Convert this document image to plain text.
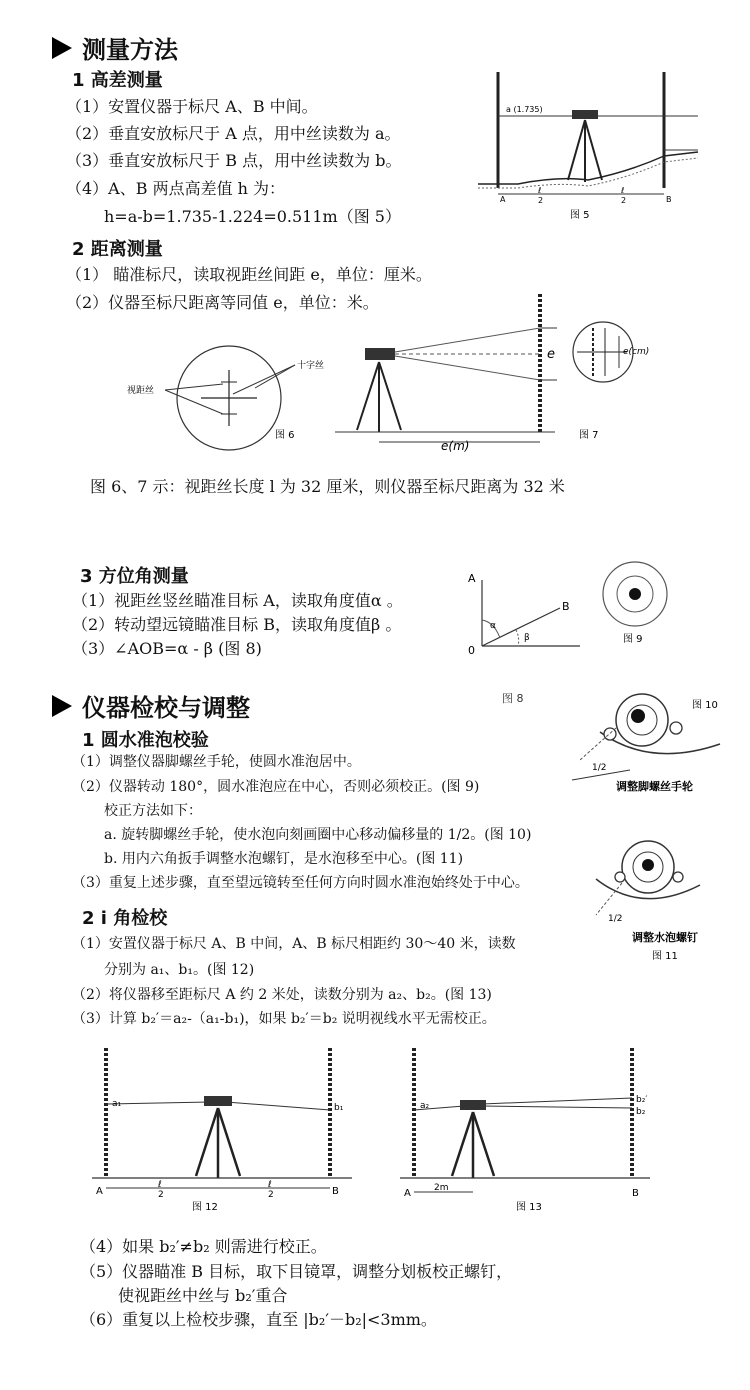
测量方法
1 高差测量
（1）安置仪器于标尺 A、B 中间。
（2）垂直安放标尺于 A 点，用中丝读数为 a。
（3）垂直安放标尺于 B 点，用中丝读数为 b。
（4）A、B 两点高差值 h 为：
h=a-b=1.735-1.224=0.511m（图 5）
a (1.735)
A	B
ℓ
2
ℓ
2
图 5
2 距离测量
（1） 瞄准标尺，读取视距丝间距 e，单位：厘米。
（2）仪器至标尺距离等同值 e，单位：米。
十字丝
视距丝
图 6
e	e(cm)
e(m)
图 7
图 6、7 示：视距丝长度 l 为 32 厘米，则仪器至标尺距离为 32 米
3 方位角测量
（1）视距丝竖丝瞄准目标 A，读取角度值α 。
（2）转动望远镜瞄准目标 B，读取角度值β 。
（3）∠AOB=α - β (图 8)
A
B
0
α
β	图 9
仪器检校与调整	图 8
1 圆水准泡校验
（1）调整仪器脚螺丝手轮，使圆水准泡居中。
（2）仪器转动 180°，圆水准泡应在中心，否则必须校正。(图 9)
校正方法如下：
a. 旋转脚螺丝手轮，使水泡向刻画圈中心移动偏移量的 1/2。(图 10)
b. 用内六角扳手调整水泡螺钉，是水泡移至中心。(图 11)
（3）重复上述步骤，直至望远镜转至任何方向时圆水准泡始终处于中心。
图 10
1/2
调整脚螺丝手轮
1/2
调整水泡螺钉
图 11
2 i 角检校
（1）安置仪器于标尺 A、B 中间，A、B 标尺相距约 30～40 米，读数
分别为 a₁、b₁。(图 12)
（2）将仪器移至距标尺 A 约 2 米处，读数分别为 a₂、b₂。(图 13)
（3）计算 b₂′＝a₂-（a₁-b₁)，如果 b₂′＝b₂ 说明视线水平无需校正。
a₁	b₁
A	B
ℓ
2
ℓ
2
图 12
a₂
b₂′
b₂
A	B
2m
图 13
（4）如果 b₂′≠b₂ 则需进行校正。
（5）仪器瞄准 B 目标，取下目镜罩，调整分划板校正螺钉，
使视距丝中丝与 b₂′重合
（6）重复以上检校步骤，直至 |b₂′－b₂|<3mm。
